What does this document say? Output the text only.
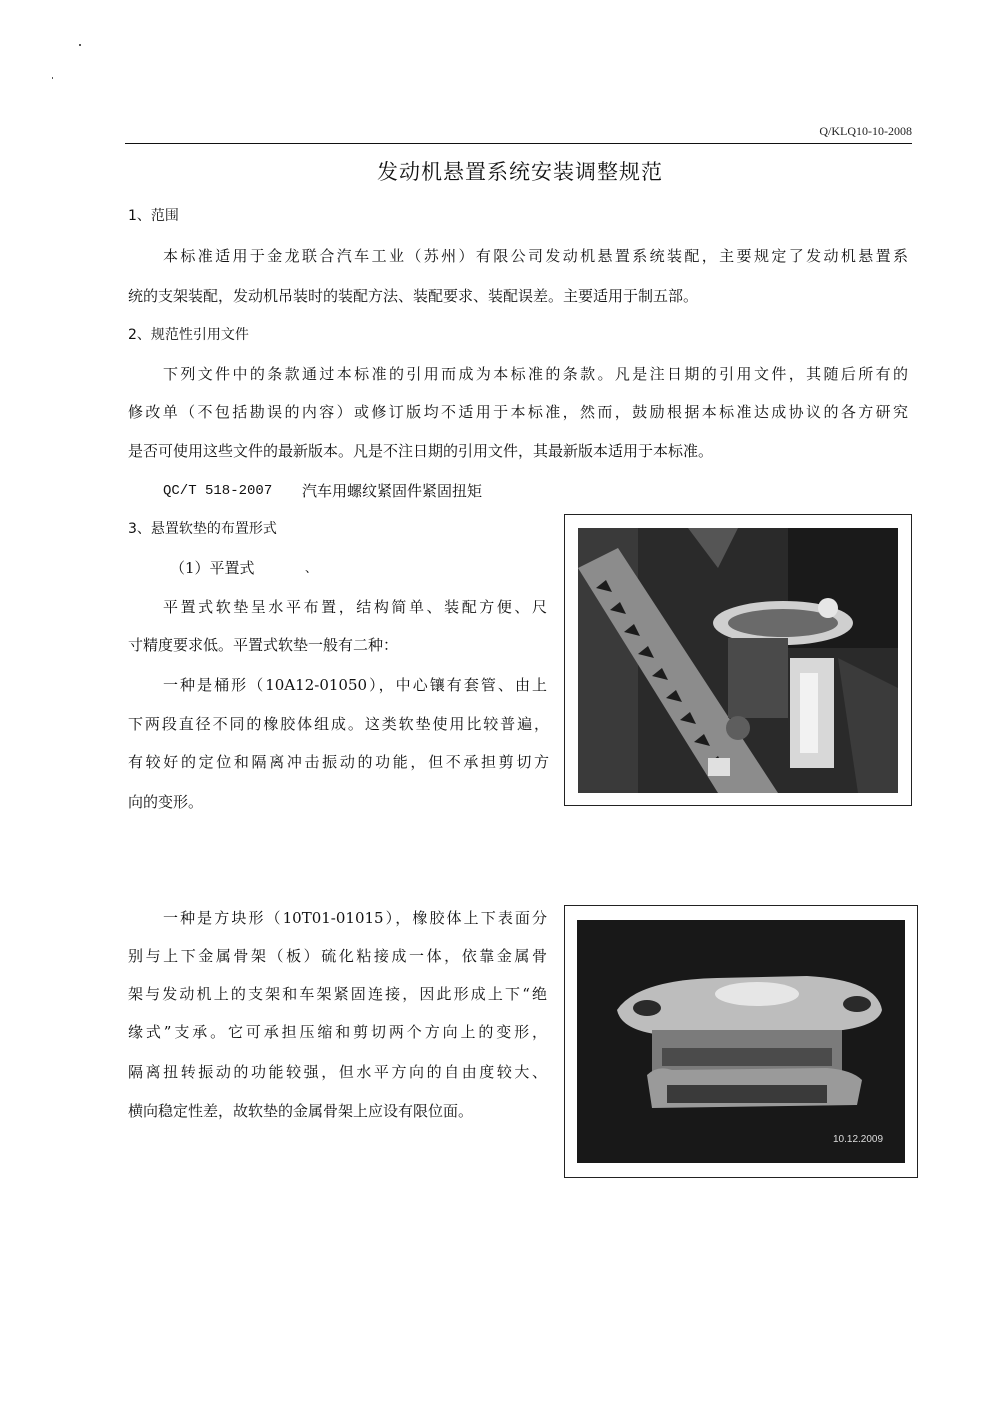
Q/KLQ10-10-2008
发动机悬置系统安装调整规范
1、范围
本标准适用于金龙联合汽车工业（苏州）有限公司发动机悬置系统装配，主要规定了发动机悬置系
统的支架装配，发动机吊装时的装配方法、装配要求、装配误差。主要适用于制五部。
2、规范性引用文件
下列文件中的条款通过本标准的引用而成为本标准的条款。凡是注日期的引用文件，其随后所有的
修改单（不包括勘误的内容）或修订版均不适用于本标准，然而，鼓励根据本标准达成协议的各方研究
是否可使用这些文件的最新版本。凡是不注日期的引用文件，其最新版本适用于本标准。
QC/T 518-2007 汽车用螺纹紧固件紧固扭矩
3、悬置软垫的布置形式
（1）平置式	、
平置式软垫呈水平布置，结构简单、装配方便、尺
寸精度要求低。平置式软垫一般有二种：
一种是桶形（10A12-01050），中心镶有套管、由上
下两段直径不同的橡胶体组成。这类软垫使用比较普遍，
有较好的定位和隔离冲击振动的功能，但不承担剪切方
向的变形。
一种是方块形（10T01-01015），橡胶体上下表面分
别与上下金属骨架（板）硫化粘接成一体，依靠金属骨
架与发动机上的支架和车架紧固连接，因此形成上下“绝
缘式”支承。它可承担压缩和剪切两个方向上的变形，
隔离扭转振动的功能较强，但水平方向的自由度较大、
横向稳定性差，故软垫的金属骨架上应设有限位面。
10.12.2009
